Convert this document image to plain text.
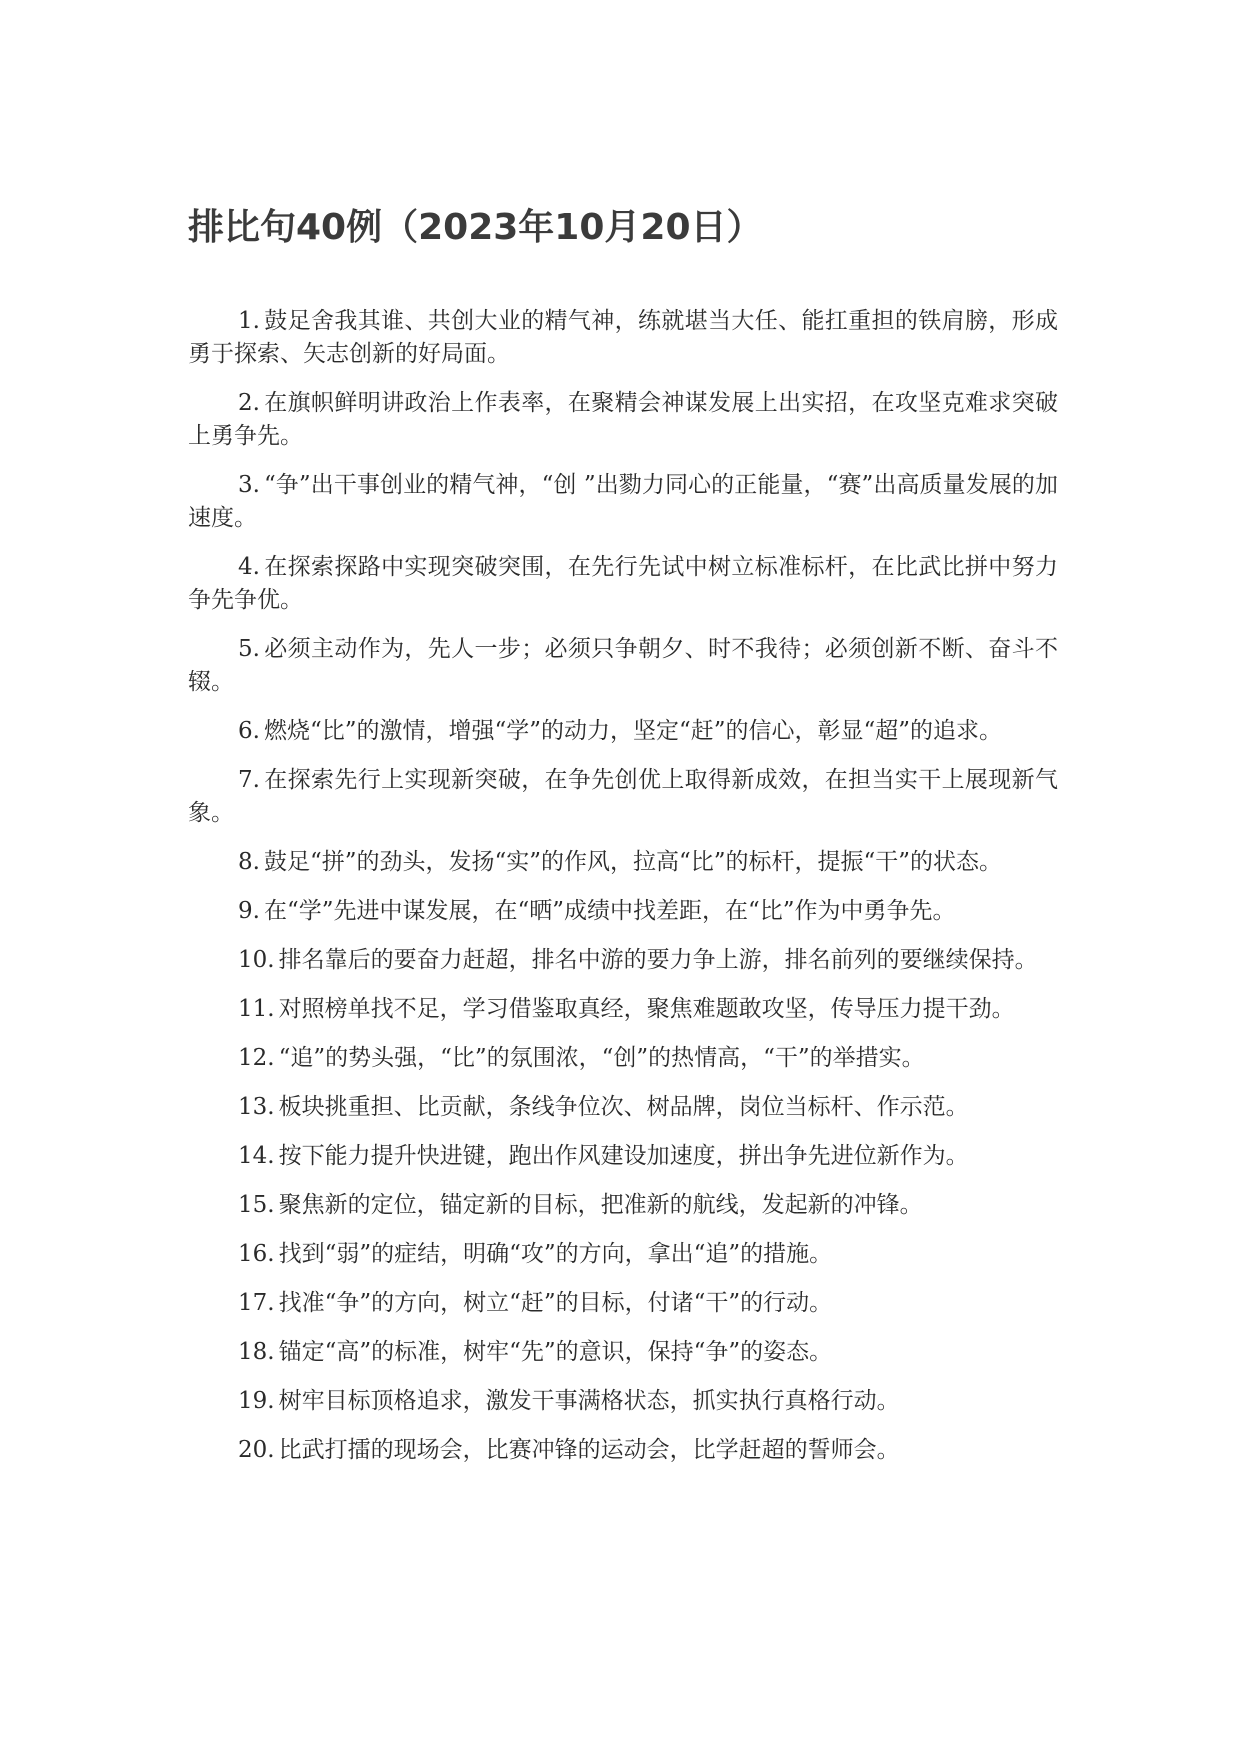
排比句40例（2023年10月20日）

1. 鼓足舍我其谁、共创大业的精气神，练就堪当大任、能扛重担的铁肩膀，形成勇于探索、矢志创新的好局面。

2. 在旗帜鲜明讲政治上作表率，在聚精会神谋发展上出实招，在攻坚克难求突破上勇争先。

3. “争”出干事创业的精气神，“创 ”出勠力同心的正能量，“赛”出高质量发展的加速度。

4. 在探索探路中实现突破突围，在先行先试中树立标准标杆，在比武比拼中努力争先争优。

5. 必须主动作为，先人一步；必须只争朝夕、时不我待；必须创新不断、奋斗不辍。

6. 燃烧“比”的激情，增强“学”的动力，坚定“赶”的信心，彰显“超”的追求。

7. 在探索先行上实现新突破，在争先创优上取得新成效，在担当实干上展现新气象。

8. 鼓足“拼”的劲头，发扬“实”的作风，拉高“比”的标杆，提振“干”的状态。

9. 在“学”先进中谋发展，在“晒”成绩中找差距，在“比”作为中勇争先。

10. 排名靠后的要奋力赶超，排名中游的要力争上游，排名前列的要继续保持。

11. 对照榜单找不足，学习借鉴取真经，聚焦难题敢攻坚，传导压力提干劲。

12. “追”的势头强，“比”的氛围浓，“创”的热情高，“干”的举措实。

13. 板块挑重担、比贡献，条线争位次、树品牌，岗位当标杆、作示范。

14. 按下能力提升快进键，跑出作风建设加速度，拼出争先进位新作为。

15. 聚焦新的定位，锚定新的目标，把准新的航线，发起新的冲锋。

16. 找到“弱”的症结，明确“攻”的方向，拿出“追”的措施。

17. 找准“争”的方向，树立“赶”的目标，付诸“干”的行动。

18. 锚定“高”的标准，树牢“先”的意识，保持“争”的姿态。

19. 树牢目标顶格追求，激发干事满格状态，抓实执行真格行动。

20. 比武打擂的现场会，比赛冲锋的运动会，比学赶超的誓师会。
